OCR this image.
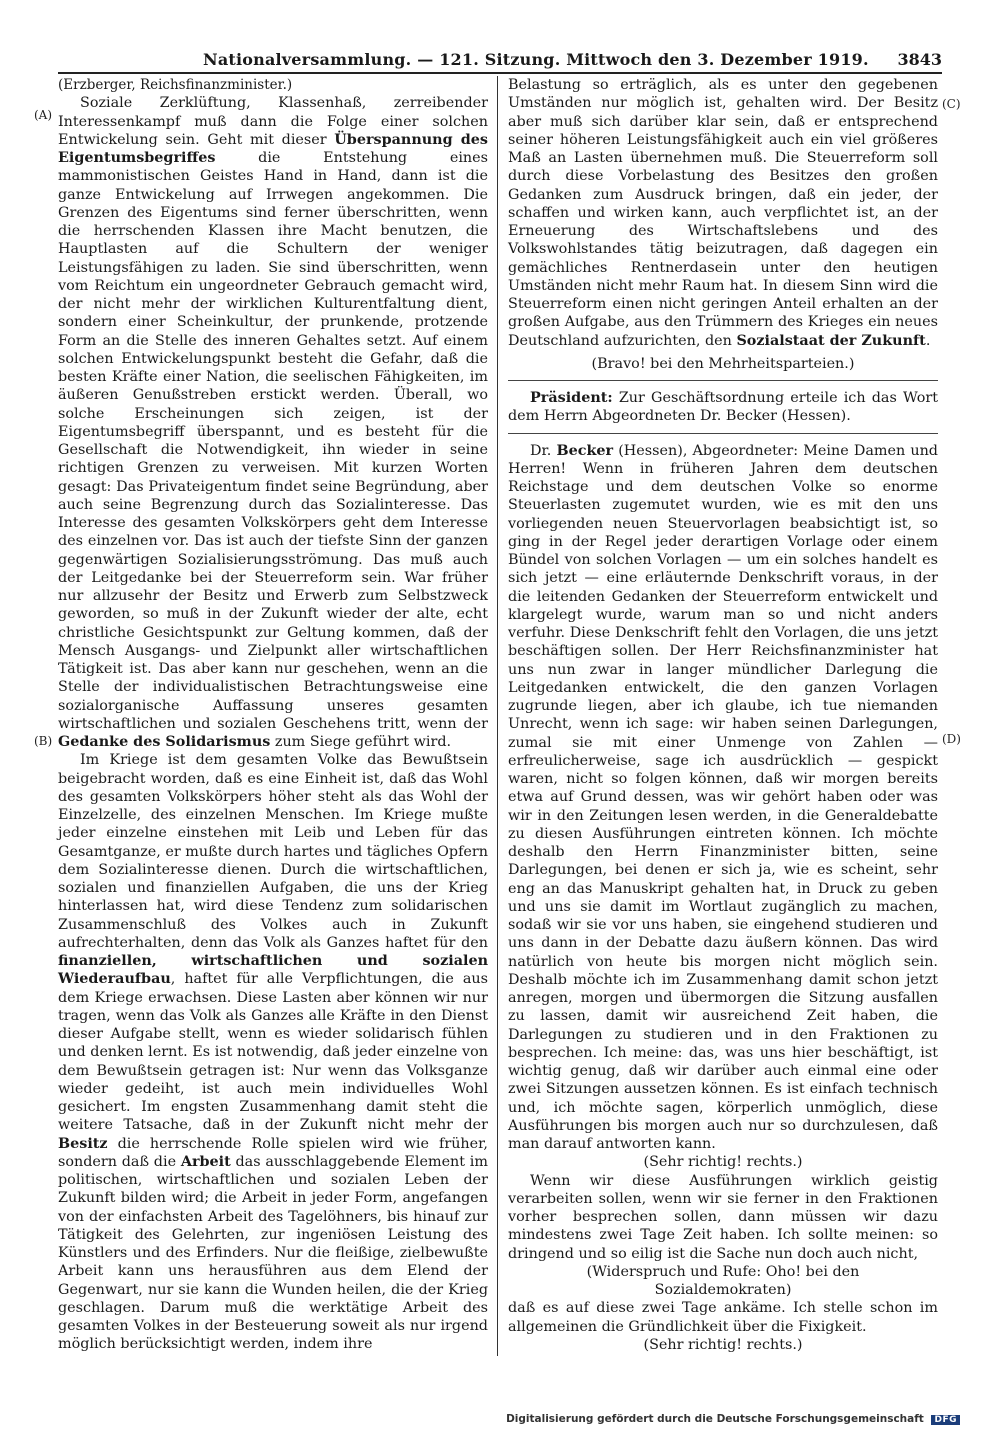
Nationalversammlung. — 121. Sitzung. Mittwoch den 3. Dezember 1919. 3843
(A)
(B)
(C)
(D)

(Erzberger, Reichsfinanzminister.)

Soziale Zerklüftung, Klassenhaß, zerreibender Interessenkampf muß dann die Folge einer solchen Entwickelung sein. Geht mit dieser Überspannung des Eigentumsbegriffes die Entstehung eines mammonistischen Geistes Hand in Hand, dann ist die ganze Entwickelung auf Irrwegen angekommen. Die Grenzen des Eigentums sind ferner überschritten, wenn die herrschenden Klassen ihre Macht benutzen, die Hauptlasten auf die Schultern der weniger Leistungsfähigen zu laden. Sie sind überschritten, wenn vom Reichtum ein ungeordneter Gebrauch gemacht wird, der nicht mehr der wirklichen Kulturentfaltung dient, sondern einer Scheinkultur, der prunkende, protzende Form an die Stelle des inneren Gehaltes setzt. Auf einem solchen Entwickelungspunkt besteht die Gefahr, daß die besten Kräfte einer Nation, die seelischen Fähigkeiten, im äußeren Genußstreben erstickt werden. Überall, wo solche Erscheinungen sich zeigen, ist der Eigentumsbegriff überspannt, und es besteht für die Gesellschaft die Notwendigkeit, ihn wieder in seine richtigen Grenzen zu verweisen. Mit kurzen Worten gesagt: Das Privateigentum findet seine Begründung, aber auch seine Begrenzung durch das Sozialinteresse. Das Interesse des gesamten Volkskörpers geht dem Interesse des einzelnen vor. Das ist auch der tiefste Sinn der ganzen gegenwärtigen Sozialisierungsströmung. Das muß auch der Leitgedanke bei der Steuerreform sein. War früher nur allzusehr der Besitz und Erwerb zum Selbstzweck geworden, so muß in der Zukunft wieder der alte, echt christliche Gesichtspunkt zur Geltung kommen, daß der Mensch Ausgangs- und Zielpunkt aller wirtschaftlichen Tätigkeit ist. Das aber kann nur geschehen, wenn an die Stelle der individualistischen Betrachtungsweise eine sozialorganische Auffassung unseres gesamten wirtschaftlichen und sozialen Geschehens tritt, wenn der Gedanke des Solidarismus zum Siege geführt wird.

Im Kriege ist dem gesamten Volke das Bewußtsein beigebracht worden, daß es eine Einheit ist, daß das Wohl des gesamten Volkskörpers höher steht als das Wohl der Einzelzelle, des einzelnen Menschen. Im Kriege mußte jeder einzelne einstehen mit Leib und Leben für das Gesamtganze, er mußte durch hartes und tägliches Opfern dem Sozialinteresse dienen. Durch die wirtschaftlichen, sozialen und finanziellen Aufgaben, die uns der Krieg hinterlassen hat, wird diese Tendenz zum solidarischen Zusammenschluß des Volkes auch in Zukunft aufrechterhalten, denn das Volk als Ganzes haftet für den finanziellen, wirtschaftlichen und sozialen Wiederaufbau, haftet für alle Verpflichtungen, die aus dem Kriege erwachsen. Diese Lasten aber können wir nur tragen, wenn das Volk als Ganzes alle Kräfte in den Dienst dieser Aufgabe stellt, wenn es wieder solidarisch fühlen und denken lernt. Es ist notwendig, daß jeder einzelne von dem Bewußtsein getragen ist: Nur wenn das Volksganze wieder gedeiht, ist auch mein individuelles Wohl gesichert. Im engsten Zusammenhang damit steht die weitere Tatsache, daß in der Zukunft nicht mehr der Besitz die herrschende Rolle spielen wird wie früher, sondern daß die Arbeit das ausschlaggebende Element im politischen, wirtschaftlichen und sozialen Leben der Zukunft bilden wird; die Arbeit in jeder Form, angefangen von der einfachsten Arbeit des Tagelöhners, bis hinauf zur Tätigkeit des Gelehrten, zur ingeniösen Leistung des Künstlers und des Erfinders. Nur die fleißige, zielbewußte Arbeit kann uns herausführen aus dem Elend der Gegenwart, nur sie kann die Wunden heilen, die der Krieg geschlagen. Darum muß die werktätige Arbeit des gesamten Volkes in der Besteuerung soweit als nur irgend möglich berücksichtigt werden, indem ihre

Belastung so erträglich, als es unter den gegebenen Umständen nur möglich ist, gehalten wird. Der Besitz aber muß sich darüber klar sein, daß er entsprechend seiner höheren Leistungsfähigkeit auch ein viel größeres Maß an Lasten übernehmen muß. Die Steuerreform soll durch diese Vorbelastung des Besitzes den großen Gedanken zum Ausdruck bringen, daß ein jeder, der schaffen und wirken kann, auch verpflichtet ist, an der Erneuerung des Wirtschaftslebens und des Volkswohlstandes tätig beizutragen, daß dagegen ein gemächliches Rentnerdasein unter den heutigen Umständen nicht mehr Raum hat. In diesem Sinn wird die Steuerreform einen nicht geringen Anteil erhalten an der großen Aufgabe, aus den Trümmern des Krieges ein neues Deutschland aufzurichten, den Sozialstaat der Zukunft.

(Bravo! bei den Mehrheitsparteien.)

Präsident: Zur Geschäftsordnung erteile ich das Wort dem Herrn Abgeordneten Dr. Becker (Hessen).

Dr. Becker (Hessen), Abgeordneter: Meine Damen und Herren! Wenn in früheren Jahren dem deutschen Reichstage und dem deutschen Volke so enorme Steuerlasten zugemutet wurden, wie es mit den uns vorliegenden neuen Steuervorlagen beabsichtigt ist, so ging in der Regel jeder derartigen Vorlage oder einem Bündel von solchen Vorlagen — um ein solches handelt es sich jetzt — eine erläuternde Denkschrift voraus, in der die leitenden Gedanken der Steuerreform entwickelt und klargelegt wurde, warum man so und nicht anders verfuhr. Diese Denkschrift fehlt den Vorlagen, die uns jetzt beschäftigen sollen. Der Herr Reichsfinanzminister hat uns nun zwar in langer mündlicher Darlegung die Leitgedanken entwickelt, die den ganzen Vorlagen zugrunde liegen, aber ich glaube, ich tue niemanden Unrecht, wenn ich sage: wir haben seinen Darlegungen, zumal sie mit einer Unmenge von Zahlen — erfreulicherweise, sage ich ausdrücklich — gespickt waren, nicht so folgen können, daß wir morgen bereits etwa auf Grund dessen, was wir gehört haben oder was wir in den Zeitungen lesen werden, in die Generaldebatte zu diesen Ausführungen eintreten können. Ich möchte deshalb den Herrn Finanzminister bitten, seine Darlegungen, bei denen er sich ja, wie es scheint, sehr eng an das Manuskript gehalten hat, in Druck zu geben und uns sie damit im Wortlaut zugänglich zu machen, sodaß wir sie vor uns haben, sie eingehend studieren und uns dann in der Debatte dazu äußern können. Das wird natürlich von heute bis morgen nicht möglich sein. Deshalb möchte ich im Zusammenhang damit schon jetzt anregen, morgen und übermorgen die Sitzung ausfallen zu lassen, damit wir ausreichend Zeit haben, die Darlegungen zu studieren und in den Fraktionen zu besprechen. Ich meine: das, was uns hier beschäftigt, ist wichtig genug, daß wir darüber auch einmal eine oder zwei Sitzungen aussetzen können. Es ist einfach technisch und, ich möchte sagen, körperlich unmöglich, diese Ausführungen bis morgen auch nur so durchzulesen, daß man darauf antworten kann.

(Sehr richtig! rechts.)

Wenn wir diese Ausführungen wirklich geistig verarbeiten sollen, wenn wir sie ferner in den Fraktionen vorher besprechen sollen, dann müssen wir dazu mindestens zwei Tage Zeit haben. Ich sollte meinen: so dringend und so eilig ist die Sache nun doch auch nicht,

(Widerspruch und Rufe: Oho! bei den

Sozialdemokraten)

daß es auf diese zwei Tage ankäme. Ich stelle schon im allgemeinen die Gründlichkeit über die Fixigkeit.

(Sehr richtig! rechts.)

Digitalisierung gefördert durch die Deutsche Forschungsgemeinschaft DFG
